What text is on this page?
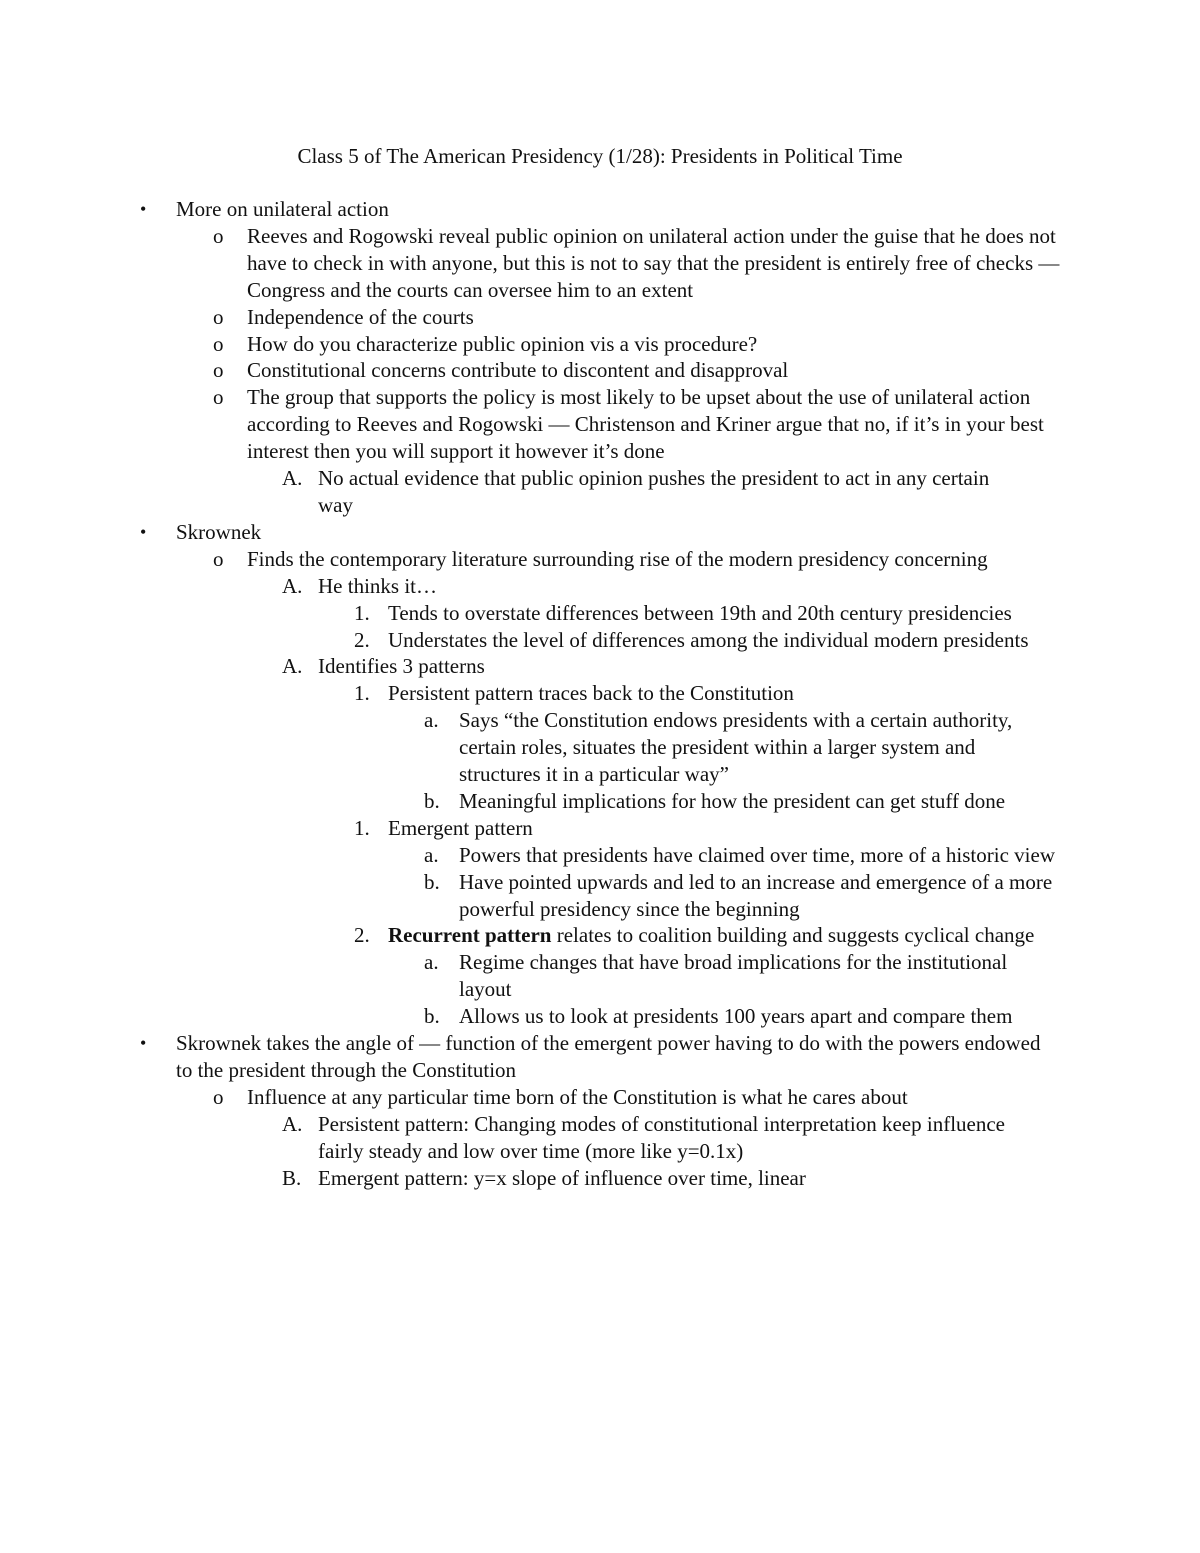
Class 5 of The American Presidency (1/28): Presidents in Political Time
• More on unilateral action
o Reeves and Rogowski reveal public opinion on unilateral action under the guise that he does not have to check in with anyone, but this is not to say that the president is entirely free of checks — Congress and the courts can oversee him to an extent
o Independence of the courts
o How do you characterize public opinion vis a vis procedure?
o Constitutional concerns contribute to discontent and disapproval
o The group that supports the policy is most likely to be upset about the use of unilateral action according to Reeves and Rogowski — Christenson and Kriner argue that no, if it’s in your best interest then you will support it however it’s done
A. No actual evidence that public opinion pushes the president to act in any certain way
• Skrownek
o Finds the contemporary literature surrounding rise of the modern presidency concerning
A. He thinks it…
1. Tends to overstate differences between 19th and 20th century presidencies
2. Understates the level of differences among the individual modern presidents
A. Identifies 3 patterns
1. Persistent pattern traces back to the Constitution
a. Says “the Constitution endows presidents with a certain authority, certain roles, situates the president within a larger system and structures it in a particular way”
b. Meaningful implications for how the president can get stuff done
1. Emergent pattern
a. Powers that presidents have claimed over time, more of a historic view
b. Have pointed upwards and led to an increase and emergence of a more powerful presidency since the beginning
2. Recurrent pattern relates to coalition building and suggests cyclical change
a. Regime changes that have broad implications for the institutional layout
b. Allows us to look at presidents 100 years apart and compare them
• Skrownek takes the angle of — function of the emergent power having to do with the powers endowed to the president through the Constitution
o Influence at any particular time born of the Constitution is what he cares about
A. Persistent pattern: Changing modes of constitutional interpretation keep influence fairly steady and low over time (more like y=0.1x)
B. Emergent pattern: y=x slope of influence over time, linear
